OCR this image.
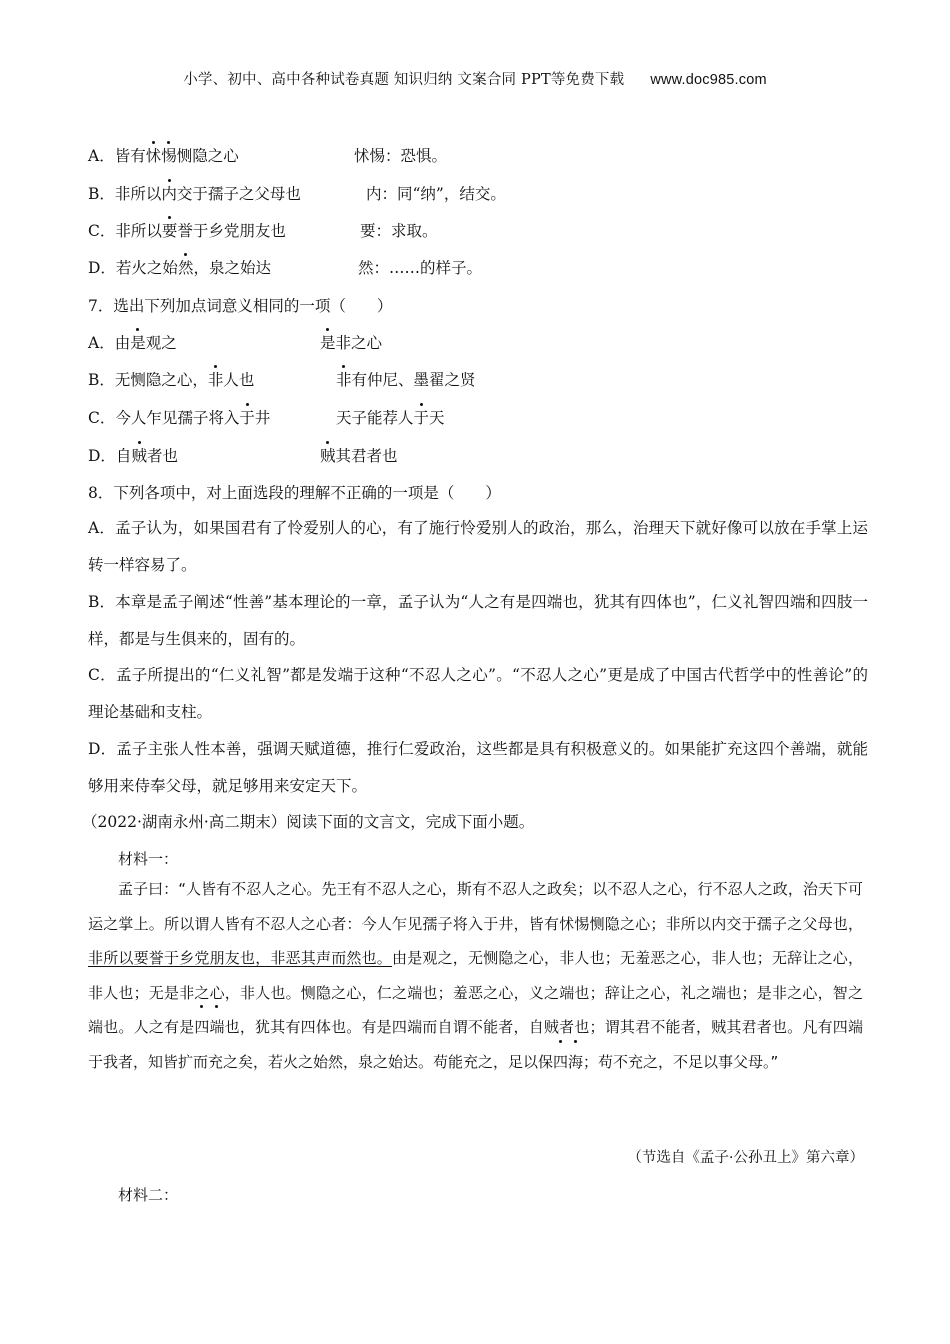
小学、初中、高中各种试卷真题 知识归纳 文案合同 PPT等免费下载 www.doc985.com
A．皆有怵惕恻隐之心	怵惕：恐惧。
B．非所以内交于孺子之父母也	内：同“纳”，结交。
C．非所以要誉于乡党朋友也	要：求取。
D．若火之始然，泉之始达	然：……的样子。
7．选出下列加点词意义相同的一项（　　）
A．由是观之	是非之心
B．无恻隐之心，非人也	非有仲尼、墨翟之贤
C．今人乍见孺子将入于井	天子能荐人于天
D．自贼者也	贼其君者也
8．下列各项中，对上面选段的理解不正确的一项是（　　）
A．孟子认为，如果国君有了怜爱别人的心，有了施行怜爱别人的政治，那么，治理天下就好像可以放在手掌上运转一样容易了。
B．本章是孟子阐述“性善”基本理论的一章，孟子认为“人之有是四端也，犹其有四体也”，仁义礼智四端和四肢一样，都是与生俱来的，固有的。
C．孟子所提出的“仁义礼智”都是发端于这种“不忍人之心”。“不忍人之心”更是成了中国古代哲学中的性善论”的理论基础和支柱。
D．孟子主张人性本善，强调天赋道德，推行仁爱政治，这些都是具有积极意义的。如果能扩充这四个善端，就能够用来侍奉父母，就足够用来安定天下。
（2022·湖南永州·高二期末）阅读下面的文言文，完成下面小题。
材料一：
孟子曰：“人皆有不忍人之心。先王有不忍人之心，斯有不忍人之政矣；以不忍人之心，行不忍人之政，治天下可运之掌上。所以谓人皆有不忍人之心者：今人乍见孺子将入于井，皆有怵惕恻隐之心；非所以内交于孺子之父母也，非所以要誉于乡党朋友也，非恶其声而然也。由是观之，无恻隐之心，非人也；无羞恶之心，非人也；无辞让之心，非人也；无是非之心，非人也。恻隐之心，仁之端也；羞恶之心，义之端也；辞让之心，礼之端也；是非之心，智之端也。人之有是四端也，犹其有四体也。有是四端而自谓不能者，自贼者也；谓其君不能者，贼其君者也。凡有四端于我者，知皆扩而充之矣，若火之始然，泉之始达。苟能充之，足以保四海；苟不充之，不足以事父母。”
（节选自《孟子·公孙丑上》第六章）
材料二：
